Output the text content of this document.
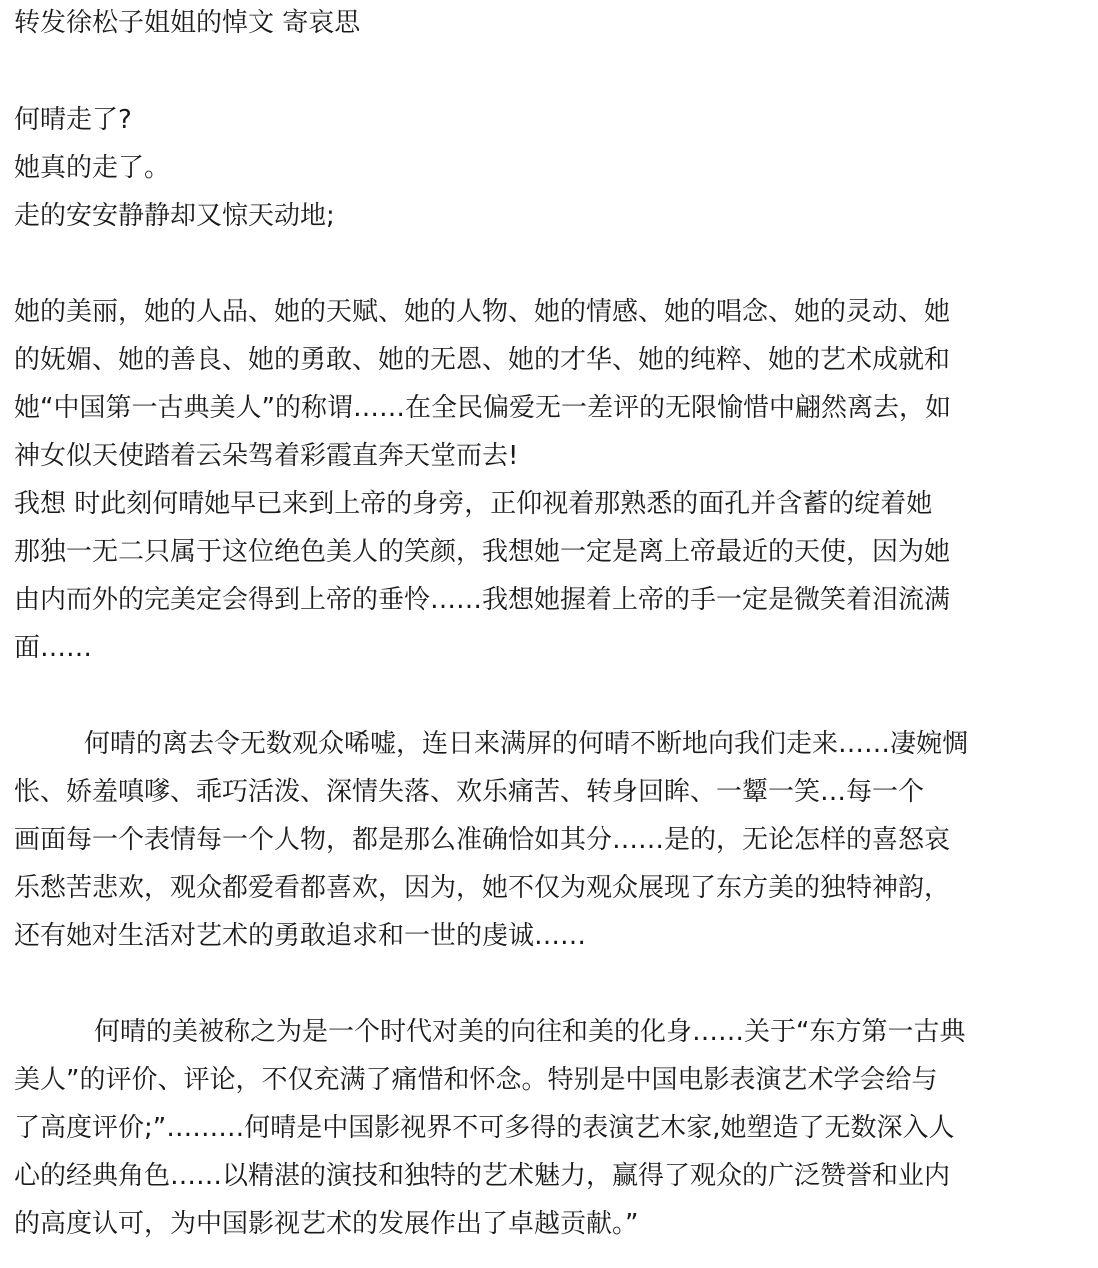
转发徐松子姐姐的悼文 寄哀思
何晴走了?
她真的走了。
走的安安静静却又惊天动地;
她的美丽，她的人品、她的天赋、她的人物、她的情感、她的唱念、她的灵动、她
的妩媚、她的善良、她的勇敢、她的无恩、她的才华、她的纯粹、她的艺术成就和
她“中国第一古典美人”的称谓……在全民偏爱无一差评的无限愉惜中翩然离去，如
神女似天使踏着云朵驾着彩霞直奔天堂而去!
我想 时此刻何晴她早已来到上帝的身旁，正仰视着那熟悉的面孔并含蓄的绽着她
那独一无二只属于这位绝色美人的笑颜，我想她一定是离上帝最近的天使，因为她
由内而外的完美定会得到上帝的垂怜……我想她握着上帝的手一定是微笑着泪流满
面……
何晴的离去令无数观众唏嘘，连日来满屏的何晴不断地向我们走来……凄婉惆
怅、娇羞嗔嗲、乖巧活泼、深情失落、欢乐痛苦、转身回眸、一颦一笑…每一个
画面每一个表情每一个人物，都是那么准确恰如其分……是的，无论怎样的喜怒哀
乐愁苦悲欢，观众都爱看都喜欢，因为，她不仅为观众展现了东方美的独特神韵，
还有她对生活对艺术的勇敢追求和一世的虔诚……
何晴的美被称之为是一个时代对美的向往和美的化身……关于“东方第一古典
美人”的评价、评论，不仅充满了痛惜和怀念。特别是中国电影表演艺术学会给与
了高度评价;”………何晴是中国影视界不可多得的表演艺木家,她塑造了无数深入人
心的经典角色……以精湛的演技和独特的艺术魅力，赢得了观众的广泛赞誉和业内
的高度认可，为中国影视艺术的发展作出了卓越贡献。”
